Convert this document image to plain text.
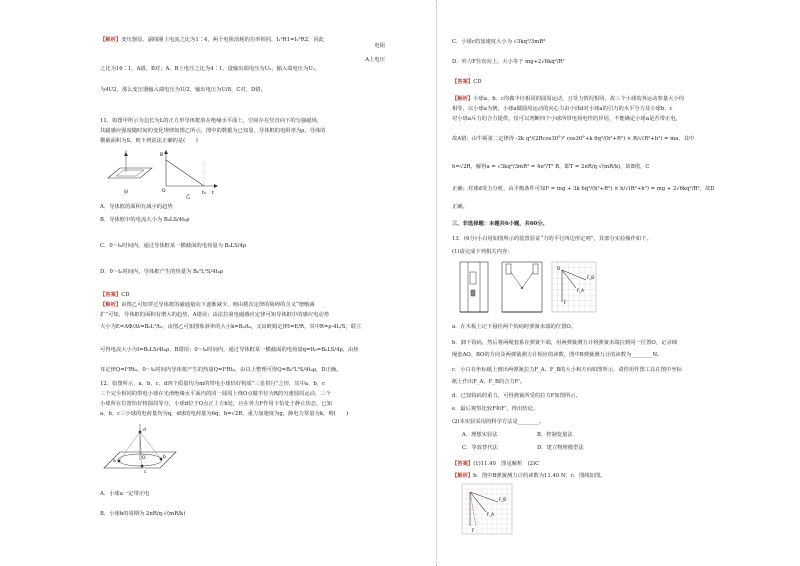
【解析】变压器原、副线圈上电流之比为1∶4，两个电阻消耗的功率相同，I₁²R1=I₂²R2，因此
电阻
A上电压
之比为16∶1，A错，B对；A、B上电压之比为4∶1，设输出端电压为U₂，输入端电压为U₁，
为4U2，那么变压器输入端电压为U/2，输出电压为U/8，C对，D错。
11．如图甲所示为边长为L的正方形导体框放在绝缘水平面上，空间存在竖直向下的匀强磁场，
其磁感应强度随时间的变化规律如图乙所示，图中的数据为已知量，导体框的电阻率为ρ，导体的
横截面积为S，则下列说法正确的是(　　)
A．导体框的面积有减小的趋势
B．导体框中的电流大小为 B₀LS/4t₀ρ
C．0～t₀时间内，通过导体框某一横截面的电荷量为 B₀LS/4ρ
D．0～t₀时间内，导体框产生的热量为 B₀²L³S/4t₀ρ
【答案】CD
【解析】由图乙可知穿过导体框的磁通量向下逐渐减少，则由楞次定律的阻碍的含义“增缩减
扩”可知，导体框的面积有增大的趋势，A错误；由法拉第电磁感应定律可知导体框中的感应电动势
大小为E=ΔΦ/Δt=B₀L²/t₀，由图乙可知图象斜率的大小k=B₀/t₀，又由欧姆定律I=E/R，其中R=ρ·4L/S，联立
可得电流大小为I=B₀LS/4t₀ρ，B错误；0～t₀时间内，通过导体框某一横截面的电荷量q=It₀=B₀LS/4ρ，由焦
耳定律Q=I²Rt₀，0～t₀时间内导体框产生的热量Q=I²Rt₀，由以上整理可得Q=B₀²L³S/4t₀ρ，D正确。
12．如图所示，a、b、c、d四个质量均为m的带电小球恰好构成“三星拱月”之形，其中a、b、c
三个完全相同的带电小球在光滑绝缘水平面内的同一圆周上绕O点做半径为R的匀速圆周运动，三个
小球所在位置恰好将圆周等分，小球d位于O点正上方h处，且在外力F作用下恰处于静止状态，已知
a、b、c三小球的电荷量均为q，d球的电荷量为6q，h=√2R，重力加速度为g，静电力常量为k，则(　　)
A．小球a一定带正电
B．小球b的周期为 2πR/q·√(mR/k)
C．小球c的加速度大小为 √3kq²/3mR²
D．外力F竖直向上，大小等于 mg+2√6kq²/R²
【答案】CD
【解析】小球a、b、c均做半径相同的圆周运动，且受力情况相同，故三个小球的各运动参量大小均
相等，以小球a为例，小球a做圆周运动的向心力由小球d对小球a的引力的水平分力及小球b、c
对小球a斥力的合力提供，仅可以判断四个小球所带电荷电性的异同，不能确定小球a是否带正电，
故A错；由牛顿第二定律得 -2k q²/(2Rcos30°)² cos30°+k 6q²/(h²+R²) × R/√(R²+h²) = ma，其中
h=√2R，解得a = √3kq²/3mR² = 4π²/T² R，即T = 2πR/q √(mR/k)，故B错，C
正确；对球d受力分析，由平衡条件可知F = mg + 3k 6q²/(h²+R²) × h/√(R²+h²) = mg + 2√6kq²/R²，故D
正确。
三、非选择题：本题共6小题，共60分。
13．(6分)小白用如图所示的装置验证“力的平行四边形定则”，其部分实验操作如下。
(1)请完成下列相关内容：
a．在木板上记下悬挂两个钩码时弹簧末端的位置O。
b．卸下钩码，然后将两绳套系在弹簧下端，用两弹簧测力计将弹簧末端拉到同一位置O，记录细
绳套AO、BO的方向及两弹簧测力计相应的读数，图中B弹簧测力计的读数为________N。
c．小白在坐标纸上画出两弹簧拉力F_A、F_B的大小和方向如图所示，请你用作图工具在图中坐标
纸上作出F_A、F_B的合力F'。
d．已知钩码的重力，可得弹簧所受的拉力F如图所示。
e．最后观察比较F和F'，得出结论。
(2)本实验采用的科学方法是________。
A．理想实验法	B．控制变量法
C．等效替代法	D．建立物理模型法
【答案】(1)11.40　图见解析　(2)C
【解析】b．图中B弹簧测力计的读数为11.40 N；c．图线如图。
甲
B
t
t₀
O
乙
d
a
b
c
O
F_A
F_B
F
O
F_A
F_B
F
